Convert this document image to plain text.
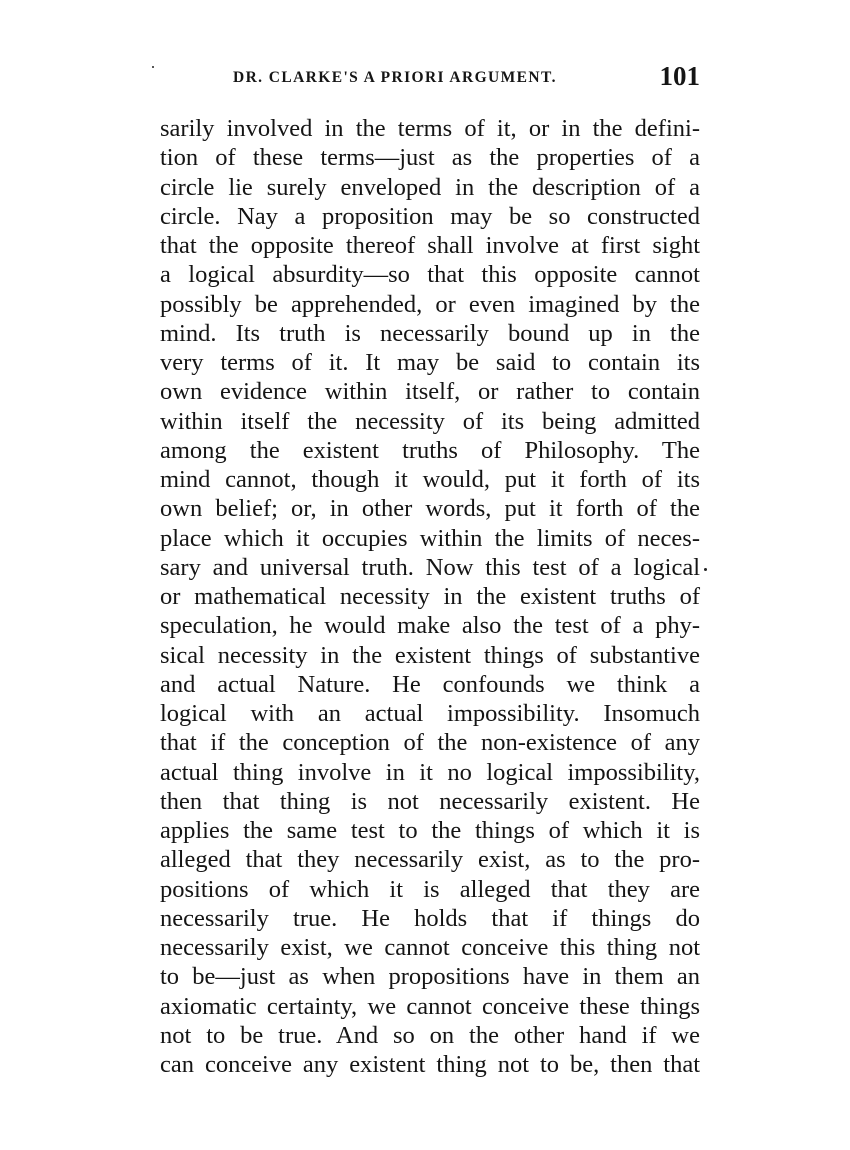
DR. CLARKE'S A PRIORI ARGUMENT.	101
sarily involved in the terms of it, or in the defini-
tion of these terms—just as the properties of a
circle lie surely enveloped in the description of a
circle. Nay a proposition may be so constructed
that the opposite thereof shall involve at first sight
a logical absurdity—so that this opposite cannot
possibly be apprehended, or even imagined by the
mind. Its truth is necessarily bound up in the
very terms of it. It may be said to contain its
own evidence within itself, or rather to contain
within itself the necessity of its being admitted
among the existent truths of Philosophy. The
mind cannot, though it would, put it forth of its
own belief; or, in other words, put it forth of the
place which it occupies within the limits of neces-
sary and universal truth. Now this test of a logical
or mathematical necessity in the existent truths of
speculation, he would make also the test of a phy-
sical necessity in the existent things of substantive
and actual Nature. He confounds we think a
logical with an actual impossibility. Insomuch
that if the conception of the non-existence of any
actual thing involve in it no logical impossibility,
then that thing is not necessarily existent. He
applies the same test to the things of which it is
alleged that they necessarily exist, as to the pro-
positions of which it is alleged that they are
necessarily true. He holds that if things do
necessarily exist, we cannot conceive this thing not
to be—just as when propositions have in them an
axiomatic certainty, we cannot conceive these things
not to be true. And so on the other hand if we
can conceive any existent thing not to be, then that
